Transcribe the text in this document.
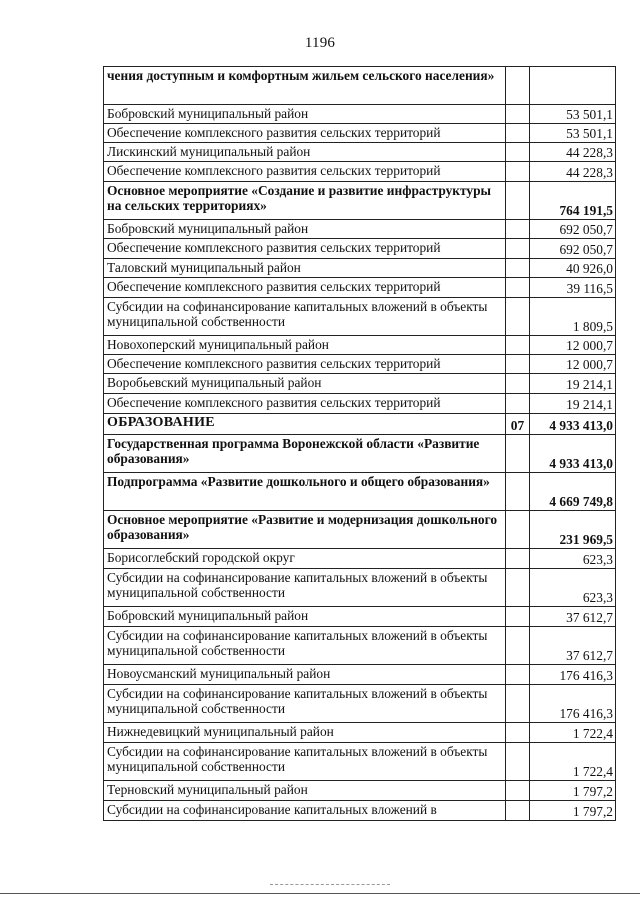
1196
чения доступным и комфортным жильем сельского населения»		
Бобровский муниципальный район		53 501,1
Обеспечение комплексного развития сельских территорий		53 501,1
Лискинский муниципальный район		44 228,3
Обеспечение комплексного развития сельских территорий		44 228,3
Основное мероприятие «Создание и развитие инфраструктуры на сельских территориях»		764 191,5
Бобровский муниципальный район		692 050,7
Обеспечение комплексного развития сельских территорий		692 050,7
Таловский муниципальный район		40 926,0
Обеспечение комплексного развития сельских территорий		39 116,5
Субсидии на софинансирование капитальных вложений в объекты муниципальной собственности		1 809,5
Новохоперский муниципальный район		12 000,7
Обеспечение комплексного развития сельских территорий		12 000,7
Воробьевский муниципальный район		19 214,1
Обеспечение комплексного развития сельских территорий		19 214,1
ОБРАЗОВАНИЕ	07	4 933 413,0
Государственная программа Воронежской области «Развитие образования»		4 933 413,0
Подпрограмма «Развитие дошкольного и общего образования»		4 669 749,8
Основное мероприятие «Развитие и модернизация дошкольного образования»		231 969,5
Борисоглебский городской округ		623,3
Субсидии на софинансирование капитальных вложений в объекты муниципальной собственности		623,3
Бобровский муниципальный район		37 612,7
Субсидии на софинансирование капитальных вложений в объекты муниципальной собственности		37 612,7
Новоусманский муниципальный район		176 416,3
Субсидии на софинансирование капитальных вложений в объекты муниципальной собственности		176 416,3
Нижнедевицкий муниципальный район		1 722,4
Субсидии на софинансирование капитальных вложений в объекты муниципальной собственности		1 722,4
Терновский муниципальный район		1 797,2
Субсидии на софинансирование капитальных вложений в		1 797,2
